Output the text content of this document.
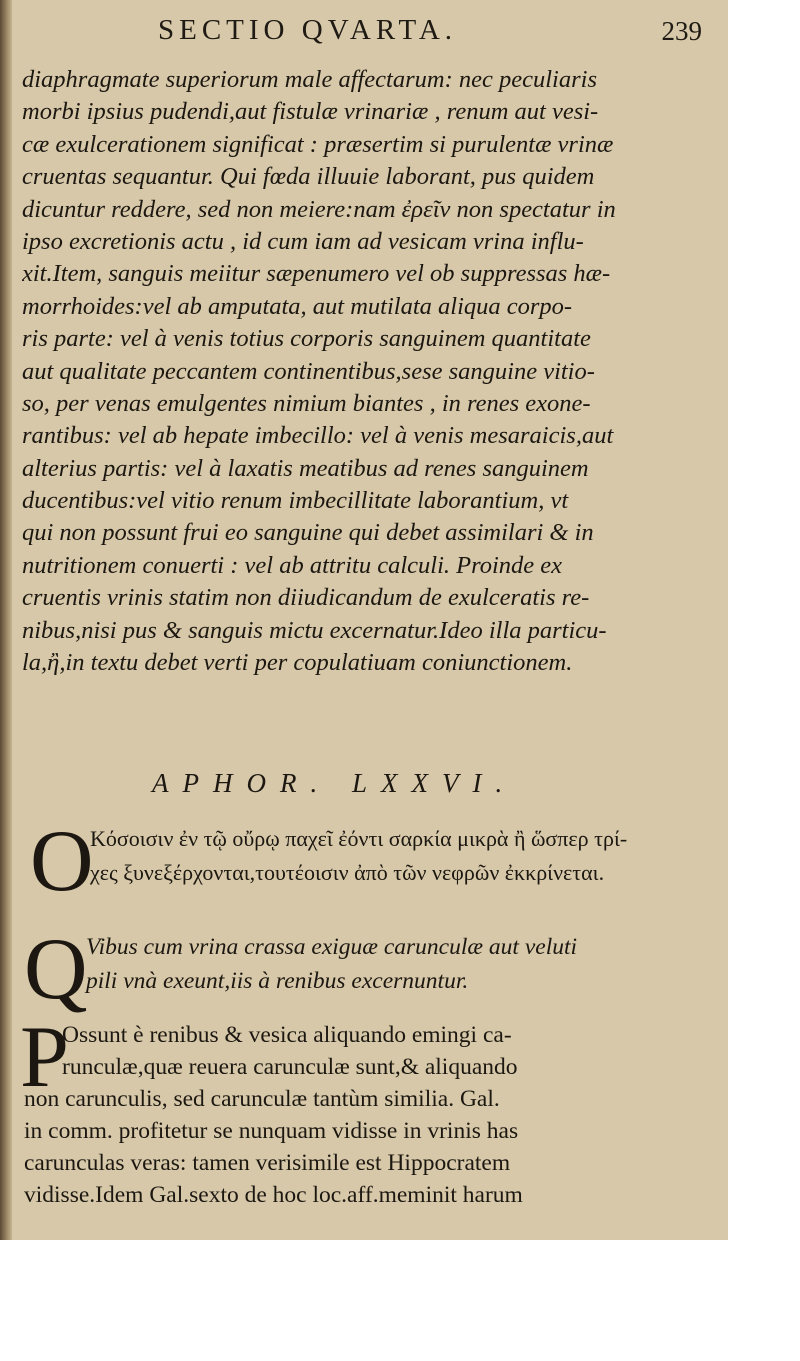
SECTIO QVARTA.	239
diaphragmate superiorum male affectarum: nec peculiaris
morbi ipsius pudendi,aut fistulæ vrinariæ , renum aut vesi-
cæ exulcerationem significat : præsertim si purulentæ vrinæ
cruentas sequantur. Qui fœda illuuie laborant, pus quidem
dicuntur reddere, sed non meiere:nam ἐρεῖν non spectatur in
ipso excretionis actu , id cum iam ad vesicam vrina influ-
xit.Item, sanguis meiitur sæpenumero vel ob suppressas hæ-
morrhoides:vel ab amputata, aut mutilata aliqua corpo-
ris parte: vel à venis totius corporis sanguinem quantitate
aut qualitate peccantem continentibus,sese sanguine vitio-
so, per venas emulgentes nimium biantes , in renes exone-
rantibus: vel ab hepate imbecillo: vel à venis mesaraicis,aut
alterius partis: vel à laxatis meatibus ad renes sanguinem
ducentibus:vel vitio renum imbecillitate laborantium, vt
qui non possunt frui eo sanguine qui debet assimilari & in
nutritionem conuerti : vel ab attritu calculi. Proinde ex
cruentis vrinis statim non diiudicandum de exulceratis re-
nibus,nisi pus & sanguis mictu excernatur.Ideo illa particu-
la,ἢ,in textu debet verti per copulatiuam coniunctionem.
APHOR. LXXVI.
O
Κόσοισιν ἐν τῷ οὔρῳ παχεῖ ἐόντι σαρκία μικρὰ ἢ ὥσπερ τρί-
χες ξυνεξέρχονται,τουτέοισιν ἀπὸ τῶν νεφρῶν ἐκκρίνεται.
Q
Vibus cum vrina crassa exiguæ carunculæ aut veluti
pili vnà exeunt,iis à renibus excernuntur.
P
Ossunt è renibus & vesica aliquando emingi ca-
runculæ,quæ reuera carunculæ sunt,& aliquando
non carunculis, sed carunculæ tantùm similia. Gal.
in comm. profitetur se nunquam vidisse in vrinis has
carunculas veras: tamen verisimile est Hippocratem
vidisse.Idem Gal.sexto de hoc loc.aff.meminit harum
